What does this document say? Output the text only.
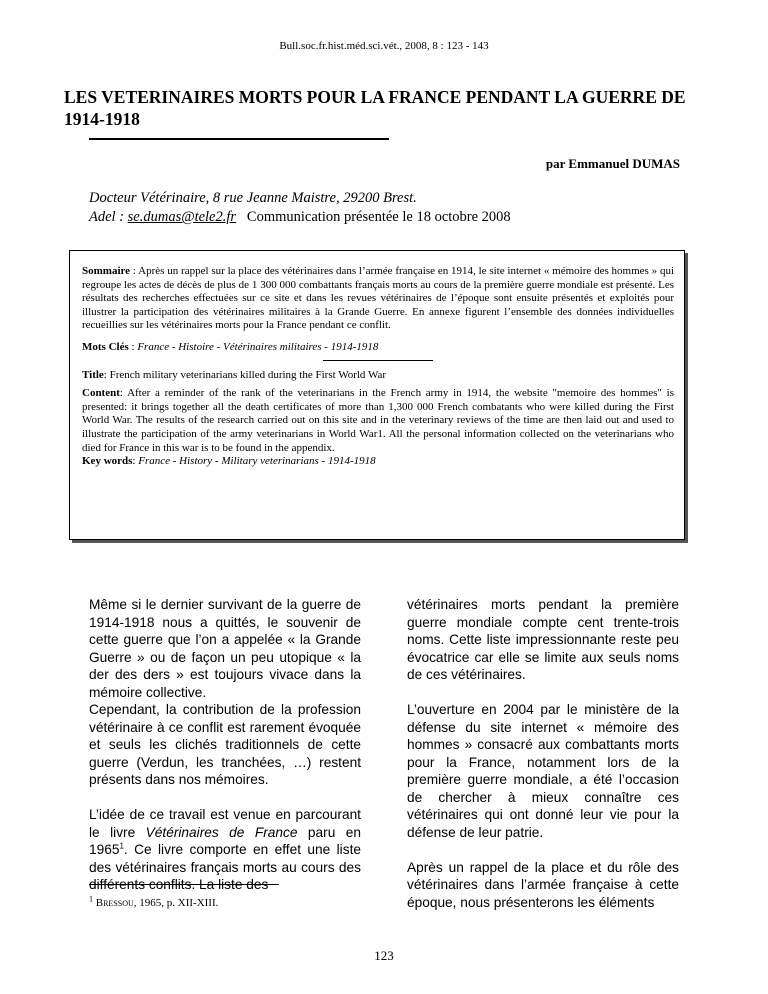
Bull.soc.fr.hist.méd.sci.vét., 2008, 8 : 123 - 143
LES VETERINAIRES MORTS POUR LA FRANCE PENDANT LA GUERRE DE 1914-1918
par Emmanuel DUMAS
Docteur Vétérinaire, 8 rue Jeanne Maistre, 29200 Brest.
Adel : se.dumas@tele2.fr Communication présentée le 18 octobre 2008

Sommaire : Après un rappel sur la place des vétérinaires dans l’armée française en 1914, le site internet « mémoire des hommes » qui regroupe les actes de décès de plus de 1 300 000 combattants français morts au cours de la première guerre mondiale est présenté. Les résultats des recherches effectuées sur ce site et dans les revues vétérinaires de l’époque sont ensuite présentés et exploités pour illustrer la participation des vétérinaires militaires à la Grande Guerre. En annexe figurent l’ensemble des données individuelles recueillies sur les vétérinaires morts pour la France pendant ce conflit.

Mots Clés : France - Histoire - Vétérinaires militaires - 1914-1918

Title: French military veterinarians killed during the First World War

Content: After a reminder of the rank of the veterinarians in the French army in 1914, the website "memoire des hommes" is presented: it brings together all the death certificates of more than 1,300 000 French combatants who were killed during the First World War. The results of the research carried out on this site and in the veterinary reviews of the time are then laid out and used to illustrate the participation of the army veterinarians in World War1. All the personal information collected on the veterinarians who died for France in this war is to be found in the appendix.

Key words: France - History - Military veterinarians - 1914-1918

Même si le dernier survivant de la guerre de 1914-1918 nous a quittés, le souvenir de cette guerre que l’on a appelée « la Grande Guerre » ou de façon un peu utopique « la der des ders » est toujours vivace dans la mémoire collective.

Cependant, la contribution de la profession vétérinaire à ce conflit est rarement évoquée et seuls les clichés traditionnels de cette guerre (Verdun, les tranchées, …) restent présents dans nos mémoires.

L’idée de ce travail est venue en parcourant le livre Vétérinaires de France paru en 1965$^1$. Ce livre comporte en effet une liste des vétérinaires français morts au cours des différents conflits. La liste des

vétérinaires morts pendant la première guerre mondiale compte cent trente-trois noms. Cette liste impressionnante reste peu évocatrice car elle se limite aux seuls noms de ces vétérinaires.

L’ouverture en 2004 par le ministère de la défense du site internet « mémoire des hommes » consacré aux combattants morts pour la France, notamment lors de la première guerre mondiale, a été l’occasion de chercher à mieux connaître ces vétérinaires qui ont donné leur vie pour la défense de leur patrie.

Après un rappel de la place et du rôle des vétérinaires dans l’armée française à cette époque, nous présenterons les éléments

$^1$ Bressou, 1965, p. XII-XIII.
123
